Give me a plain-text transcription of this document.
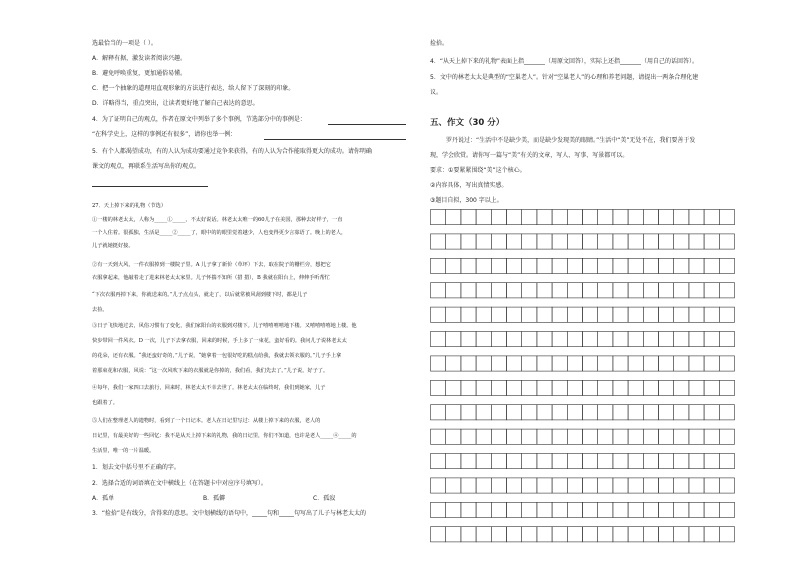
选最恰当的一项是（ ）。
A．解释有据，激发读者阅读兴趣。
B．避免呼唤重复，更加通俗易懂。
C．把一个抽象的道理用直观形象的方法进行表达，给人留下了深刻的印象。
D．详略得当，重点突出，让读者更好地了解自己表达的意思。
4．为了证明自己的观点，作者在原文中列举了多个事例，节选部分中的事例是：
“在科学史上，这样的事例还有很多”，请你也举一例：
5．有个人都渴望成功，有的人认为成功要通过竞争来获得，有的人认为合作能取得更大的成功。请你明确
课文的观点，再联系生活写出你的观点。
27．天上掉下来的礼物（节选）
①一楼的林老太太，人称为_____①_____，不太好说话。林老太太唯一的60儿子在美国，那种去好样子，一直
一个人住着。很孤独，生活是_____②_____了，眼中的的眼里觉着越少，人也变得更少言寡语了。晚上的老人，
儿子就她挺好接。
②有一天到大风，一件衣服掉到一楼院子里。A 儿子拿了新价（草坪）下去，取在院子的栅栏旁，想把它
衣服拿起来，他敲着走了进来林老太太家里。儿子怀揣不知所（措 措），B 我就在阳台上，伸伸手听帮忙
“下次衣服再掉下来，你就送来的。”儿子点点头，就走了，以后就常被风刮到楼下时，都是儿子
去捡。
③日子飞快地过去，风俗习惯有了变化，我们家阳台的衣服到对楼下。儿子嘻嘻嘻嘻地下楼。又嘻嘻嘻嘻地上楼。他
快步带回一件风衣。D 一次，儿子下去拿衣服，回来的时候，手上多了一束花，蛮好看的。我问儿子说林老太太
的花朵，还有衣服。“我还蛮好奇的，”儿子说，“她拿着一包很好吃的糕点给我，我就去领衣服的。”儿子手上拿
着那束花和衣服，风说：“这一次风吹下来的衣服就是你掉的，我们看，我们先去了。”儿子说。好子了。
④每年，我们一家四口去旅行，回来时，林老太太不幸去世了。林老太太在临终时，我们到她家，儿子
也跟着了。
⑤人们在整理老人的遗物时，看到了一个日记本。老人在日记里写过：从楼上掉下来的衣服，老人的
日记里，有最美好的一些回忆：我不是从天上掉下来的礼物，我的日记里，你们不知道，也许是老人_____④_____的
生活里，唯一的一片温暖。
1．划去文中括号里不正确的字。
2．选择合适的词语填在文中横线上（在答题卡中对应序号填写）。
A．孤单	B．孤僻	C．孤寂
3．“捡拾”是有线分，含得来的意思。文中划横线的语句中，_____句和_____句写出了儿子与林老太太的
捡拾。
4．“从天上掉下来的礼物”表面上指_______（用原文回答），实际上还指_______（用自己的话回答）。
5．文中的林老太太是典型的“空巢老人”。针对“空巢老人”的心理和养老问题，请提出一两条合理化建
议。
五、作文（30 分）
罗丹说过：“生活中不是缺少美，而是缺少发现美的眼睛。”生活中“美”无处不在，我们要善于发
现，学会欣赏。请你写一篇与“美”有关的文章，写人、写事、写景都可以。
要求：①要紧紧围绕“美”这个核心。
②内容具体，写出真情实感。
③题目自拟，300 字以上。
